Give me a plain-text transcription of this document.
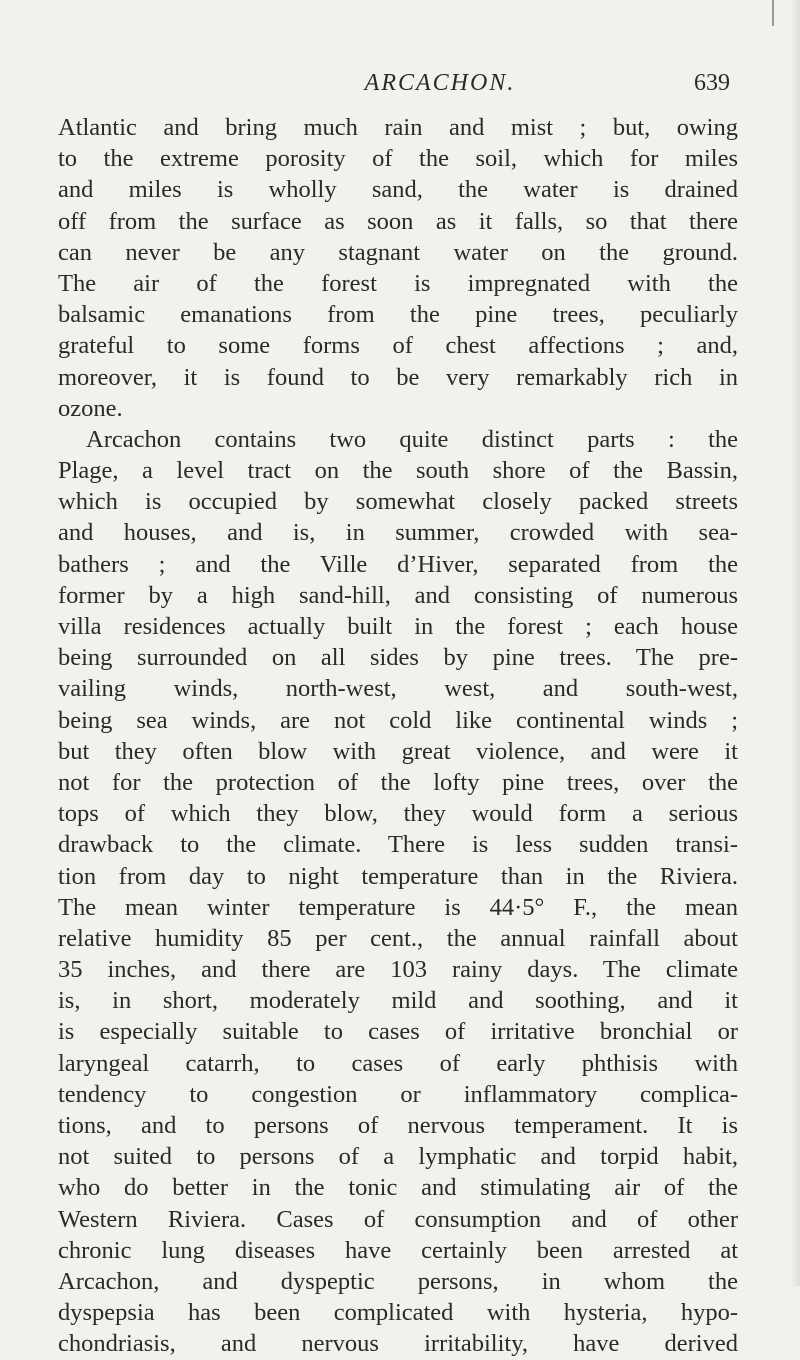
ARCACHON.	639
Atlantic and bring much rain and mist ; but, owing
to the extreme porosity of the soil, which for miles
and miles is wholly sand, the water is drained
off from the surface as soon as it falls, so that there
can never be any stagnant water on the ground.
The air of the forest is impregnated with the
balsamic emanations from the pine trees, peculiarly
grateful to some forms of chest affections ; and,
moreover, it is found to be very remarkably rich in
ozone.
Arcachon contains two quite distinct parts : the
Plage, a level tract on the south shore of the Bassin,
which is occupied by somewhat closely packed streets
and houses, and is, in summer, crowded with sea-
bathers ; and the Ville d’Hiver, separated from the
former by a high sand-hill, and consisting of numerous
villa residences actually built in the forest ; each house
being surrounded on all sides by pine trees. The pre-
vailing winds, north-west, west, and south-west,
being sea winds, are not cold like continental winds ;
but they often blow with great violence, and were it
not for the protection of the lofty pine trees, over the
tops of which they blow, they would form a serious
drawback to the climate. There is less sudden transi-
tion from day to night temperature than in the Riviera.
The mean winter temperature is 44·5° F., the mean
relative humidity 85 per cent., the annual rainfall about
35 inches, and there are 103 rainy days. The climate
is, in short, moderately mild and soothing, and it
is especially suitable to cases of irritative bronchial or
laryngeal catarrh, to cases of early phthisis with
tendency to congestion or inflammatory complica-
tions, and to persons of nervous temperament. It is
not suited to persons of a lymphatic and torpid habit,
who do better in the tonic and stimulating air of the
Western Riviera. Cases of consumption and of other
chronic lung diseases have certainly been arrested at
Arcachon, and dyspeptic persons, in whom the
dyspepsia has been complicated with hysteria, hypo-
chondriasis, and nervous irritability, have derived
